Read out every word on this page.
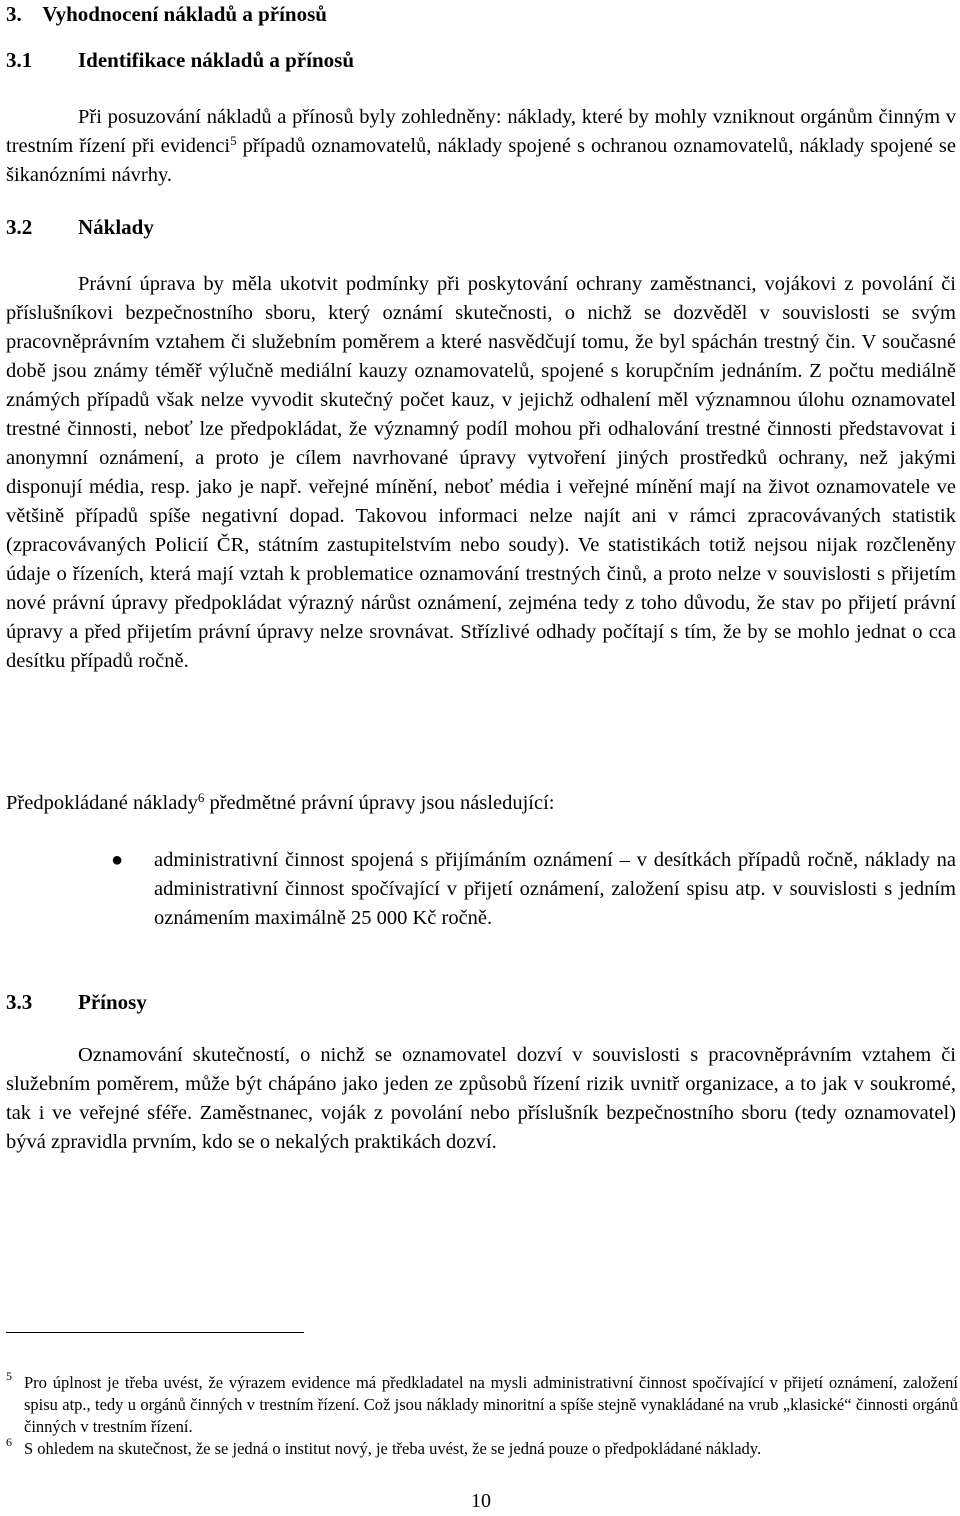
3.    Vyhodnocení nákladů a přínosů
3.1 Identifikace nákladů a přínosů

Při posuzování nákladů a přínosů byly zohledněny: náklady, které by mohly vzniknout orgánům činným v trestním řízení při evidenci$^5$ případů oznamovatelů, náklady spojené s ochranou oznamovatelů, náklady spojené se šikanózními návrhy.

3.2 Náklady

Právní úprava by měla ukotvit podmínky při poskytování ochrany zaměstnanci, vojákovi z povolání či příslušníkovi bezpečnostního sboru, který oznámí skutečnosti, o nichž se dozvěděl v souvislosti se svým pracovněprávním vztahem či služebním poměrem a které nasvědčují tomu, že byl spáchán trestný čin. V současné době jsou známy téměř výlučně mediální kauzy oznamovatelů, spojené s korupčním jednáním. Z počtu mediálně známých případů však nelze vyvodit skutečný počet kauz, v jejichž odhalení měl významnou úlohu oznamovatel trestné činnosti, neboť lze předpokládat, že významný podíl mohou při odhalování trestné činnosti představovat i anonymní oznámení, a proto je cílem navrhované úpravy vytvoření jiných prostředků ochrany, než jakými disponují média, resp. jako je např. veřejné mínění, neboť média i veřejné mínění mají na život oznamovatele ve většině případů spíše negativní dopad. Takovou informaci nelze najít ani v rámci zpracovávaných statistik (zpracovávaných Policií ČR, státním zastupitelstvím nebo soudy). Ve statistikách totiž nejsou nijak rozčleněny údaje o řízeních, která mají vztah k problematice oznamování trestných činů, a proto nelze v souvislosti s přijetím nové právní úpravy předpokládat výrazný nárůst oznámení, zejména tedy z toho důvodu, že stav po přijetí právní úpravy a před přijetím právní úpravy nelze srovnávat. Střízlivé odhady počítají s tím, že by se mohlo jednat o cca desítku případů ročně.

Předpokládané náklady$^6$ předmětné právní úpravy jsou následující:

● administrativní činnost spojená s přijímáním oznámení – v desítkách případů ročně, náklady na administrativní činnost spočívající v přijetí oznámení, založení spisu atp. v souvislosti s jedním oznámením maximálně 25 000 Kč ročně.
3.3 Přínosy

Oznamování skutečností, o nichž se oznamovatel dozví v souvislosti s pracovněprávním vztahem či služebním poměrem, může být chápáno jako jeden ze způsobů řízení rizik uvnitř organizace, a to jak v soukromé, tak i ve veřejné sféře. Zaměstnanec, voják z povolání nebo příslušník bezpečnostního sboru (tedy oznamovatel) bývá zpravidla prvním, kdo se o nekalých praktikách dozví.

5 Pro úplnost je třeba uvést, že výrazem evidence má předkladatel na mysli administrativní činnost spočívající v přijetí oznámení, založení spisu atp., tedy u orgánů činných v trestním řízení. Což jsou náklady minoritní a spíše stejně vynakládané na vrub „klasické“ činnosti orgánů činných v trestním řízení.

6 S ohledem na skutečnost, že se jedná o institut nový, je třeba uvést, že se jedná pouze o předpokládané náklady.

10
